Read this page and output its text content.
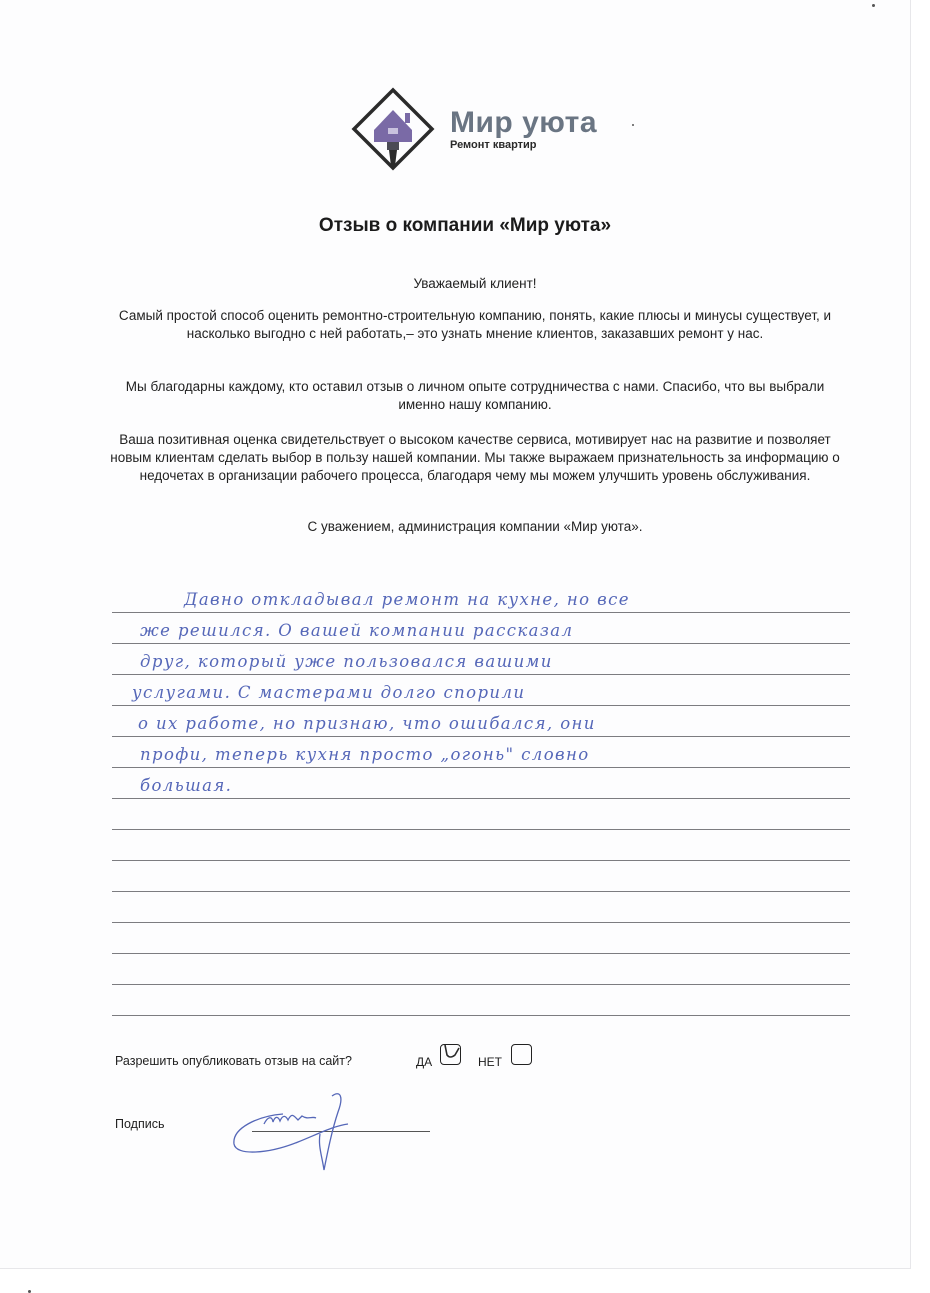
Мир уюта
Ремонт квартир
Отзыв о компании «Мир уюта»
Уважаемый клиент!
Самый простой способ оценить ремонтно-строительную компанию, понять, какие плюсы и минусы существует, и насколько выгодно с ней работать,– это узнать мнение клиентов, заказавших ремонт у нас.
Мы благодарны каждому, кто оставил отзыв о личном опыте сотрудничества с нами. Спасибо, что вы выбрали именно нашу компанию.
Ваша позитивная оценка свидетельствует о высоком качестве сервиса, мотивирует нас на развитие и позволяет новым клиентам сделать выбор в пользу нашей компании. Мы также выражаем признательность за информацию о недочетах в организации рабочего процесса, благодаря чему мы можем улучшить уровень обслуживания.
С уважением, администрация компании «Мир уюта».
Давно откладывал ремонт на кухне, но все
же решился. О вашей компании рассказал
друг, который уже пользовался вашими
услугами. С мастерами долго спорили
о их работе, но признаю, что ошибался, они
профи, теперь кухня просто „огонь" словно
большая.
Разрешить опубликовать отзыв на сайт?	ДА	НЕТ
Подпись
